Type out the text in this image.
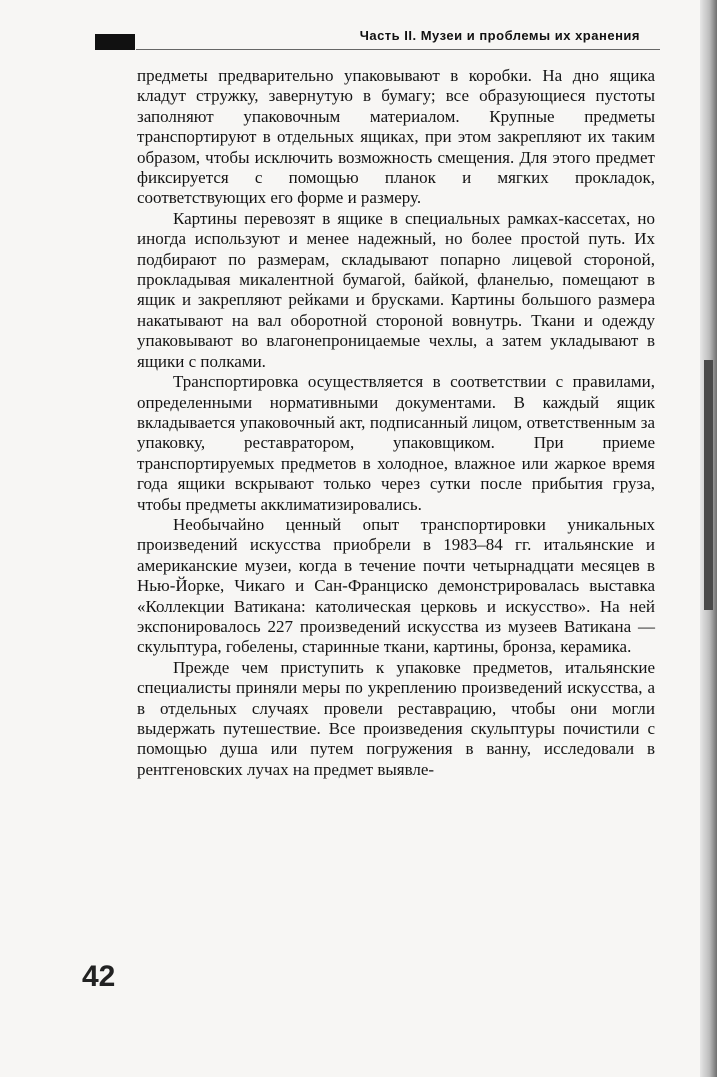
Часть II. Музеи и проблемы их хранения

предметы предварительно упаковывают в коробки. На дно ящика кладут стружку, завернутую в бумагу; все образующиеся пустоты заполняют упаковочным материалом. Крупные предметы транспортируют в отдельных ящиках, при этом закрепляют их таким образом, чтобы исключить возможность смещения. Для этого предмет фиксируется с помощью планок и мягких прокладок, соответствующих его форме и размеру.

Картины перевозят в ящике в специальных рамках-кассетах, но иногда используют и менее надежный, но более простой путь. Их подбирают по размерам, складывают попарно лицевой стороной, прокладывая микалентной бумагой, байкой, фланелью, помещают в ящик и закрепляют рейками и брусками. Картины большого размера накатывают на вал оборотной стороной вовнутрь. Ткани и одежду упаковывают во влагонепроницаемые чехлы, а затем укладывают в ящики с полками.

Транспортировка осуществляется в соответствии с правилами, определенными нормативными документами. В каждый ящик вкладывается упаковочный акт, подписанный лицом, ответственным за упаковку, реставратором, упаковщиком. При приеме транспортируемых предметов в холодное, влажное или жаркое время года ящики вскрывают только через сутки после прибытия груза, чтобы предметы акклиматизировались.

Необычайно ценный опыт транспортировки уникальных произведений искусства приобрели в 1983–84 гг. итальянские и американские музеи, когда в течение почти четырнадцати месяцев в Нью-Йорке, Чикаго и Сан-Франциско демонстрировалась выставка «Коллекции Ватикана: католическая церковь и искусство». На ней экспонировалось 227 произведений искусства из музеев Ватикана — скульптура, гобелены, старинные ткани, картины, бронза, керамика.

Прежде чем приступить к упаковке предметов, итальянские специалисты приняли меры по укреплению произведений искусства, а в отдельных случаях провели реставрацию, чтобы они могли выдержать путешествие. Все произведения скульптуры почистили с помощью душа или путем погружения в ванну, исследовали в рентгеновских лучах на предмет выявле-

42
